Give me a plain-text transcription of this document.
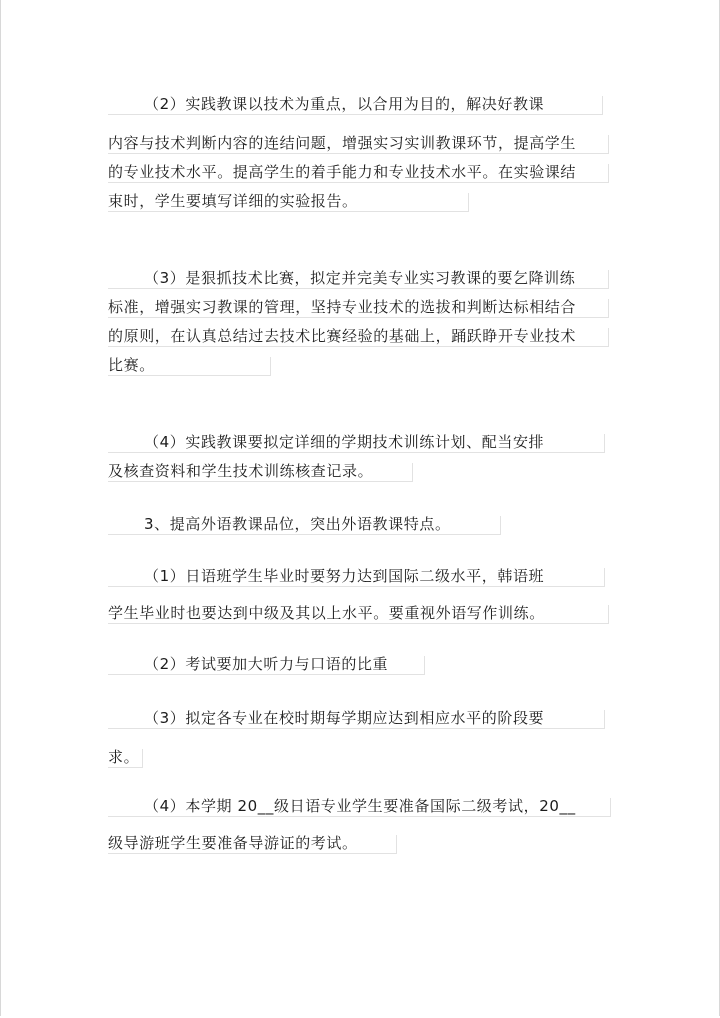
（2）实践教课以技术为重点，以合用为目的，解决好教课
内容与技术判断内容的连结问题，增强实习实训教课环节，提高学生
的专业技术水平。提高学生的着手能力和专业技术水平。在实验课结
束时，学生要填写详细的实验报告。
（3）是狠抓技术比赛，拟定并完美专业实习教课的要乞降训练
标准，增强实习教课的管理，坚持专业技术的选拔和判断达标相结合
的原则，在认真总结过去技术比赛经验的基础上，踊跃睁开专业技术
比赛。
（4）实践教课要拟定详细的学期技术训练计划、配当安排
及核查资料和学生技术训练核查记录。
3、提高外语教课品位，突出外语教课特点。
（1）日语班学生毕业时要努力达到国际二级水平，韩语班
学生毕业时也要达到中级及其以上水平。要重视外语写作训练。
（2）考试要加大听力与口语的比重
（3）拟定各专业在校时期每学期应达到相应水平的阶段要
求。
（4）本学期 20__级日语专业学生要准备国际二级考试，20__
级导游班学生要准备导游证的考试。
